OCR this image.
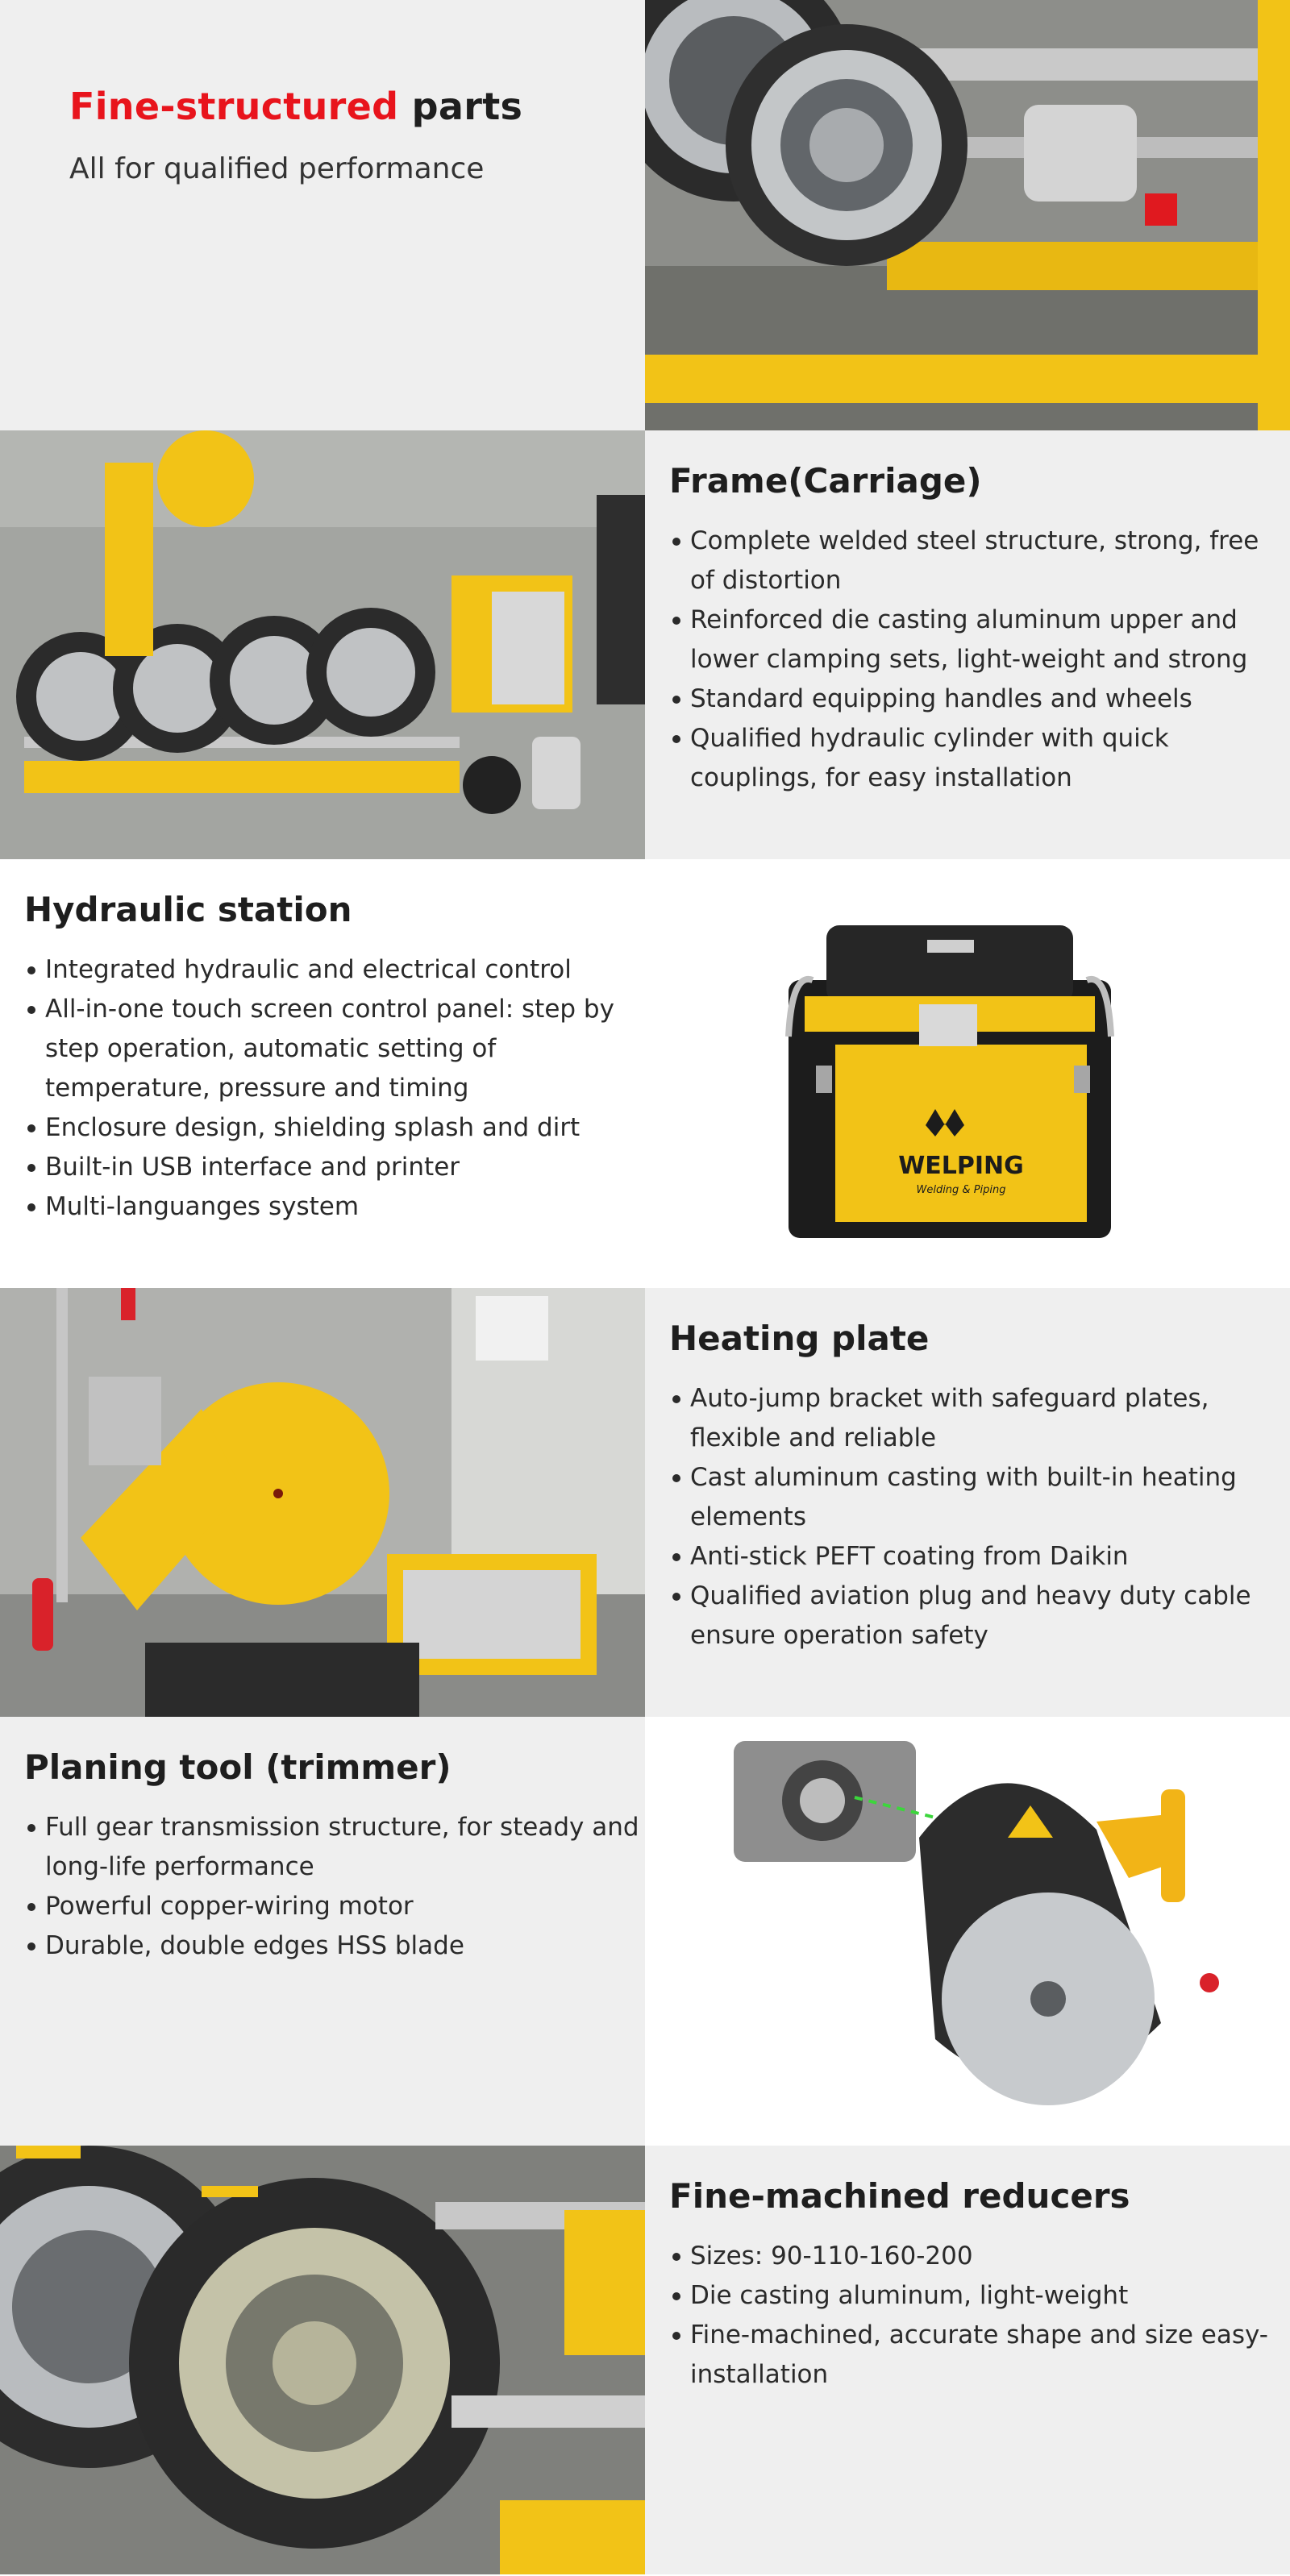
Fine-structured parts
All for qualified performance
Frame(Carriage)
Complete welded steel structure, strong, free of distortion
Reinforced die casting aluminum upper and lower clamping sets, light-weight and strong
Standard equipping handles and wheels
Qualified hydraulic cylinder with quick couplings, for easy installation
Hydraulic station
Integrated hydraulic and electrical control
All-in-one touch screen control panel: step by step operation, automatic setting of temperature, pressure and timing
Enclosure design, shielding splash and dirt
Built-in USB interface and printer
Multi-languanges system
WELPING
Welding & Piping
Heating plate
Auto-jump bracket with safeguard plates, flexible and reliable
Cast aluminum casting with built-in heating elements
Anti-stick PEFT coating from Daikin
Qualified aviation plug and heavy duty cable ensure operation safety
Planing tool (trimmer)
Full gear transmission structure, for steady and long-life performance
Powerful copper-wiring motor
Durable, double edges HSS blade
Fine-machined reducers
Sizes: 90-110-160-200
Die casting aluminum, light-weight
Fine-machined, accurate shape and size easy-installation
